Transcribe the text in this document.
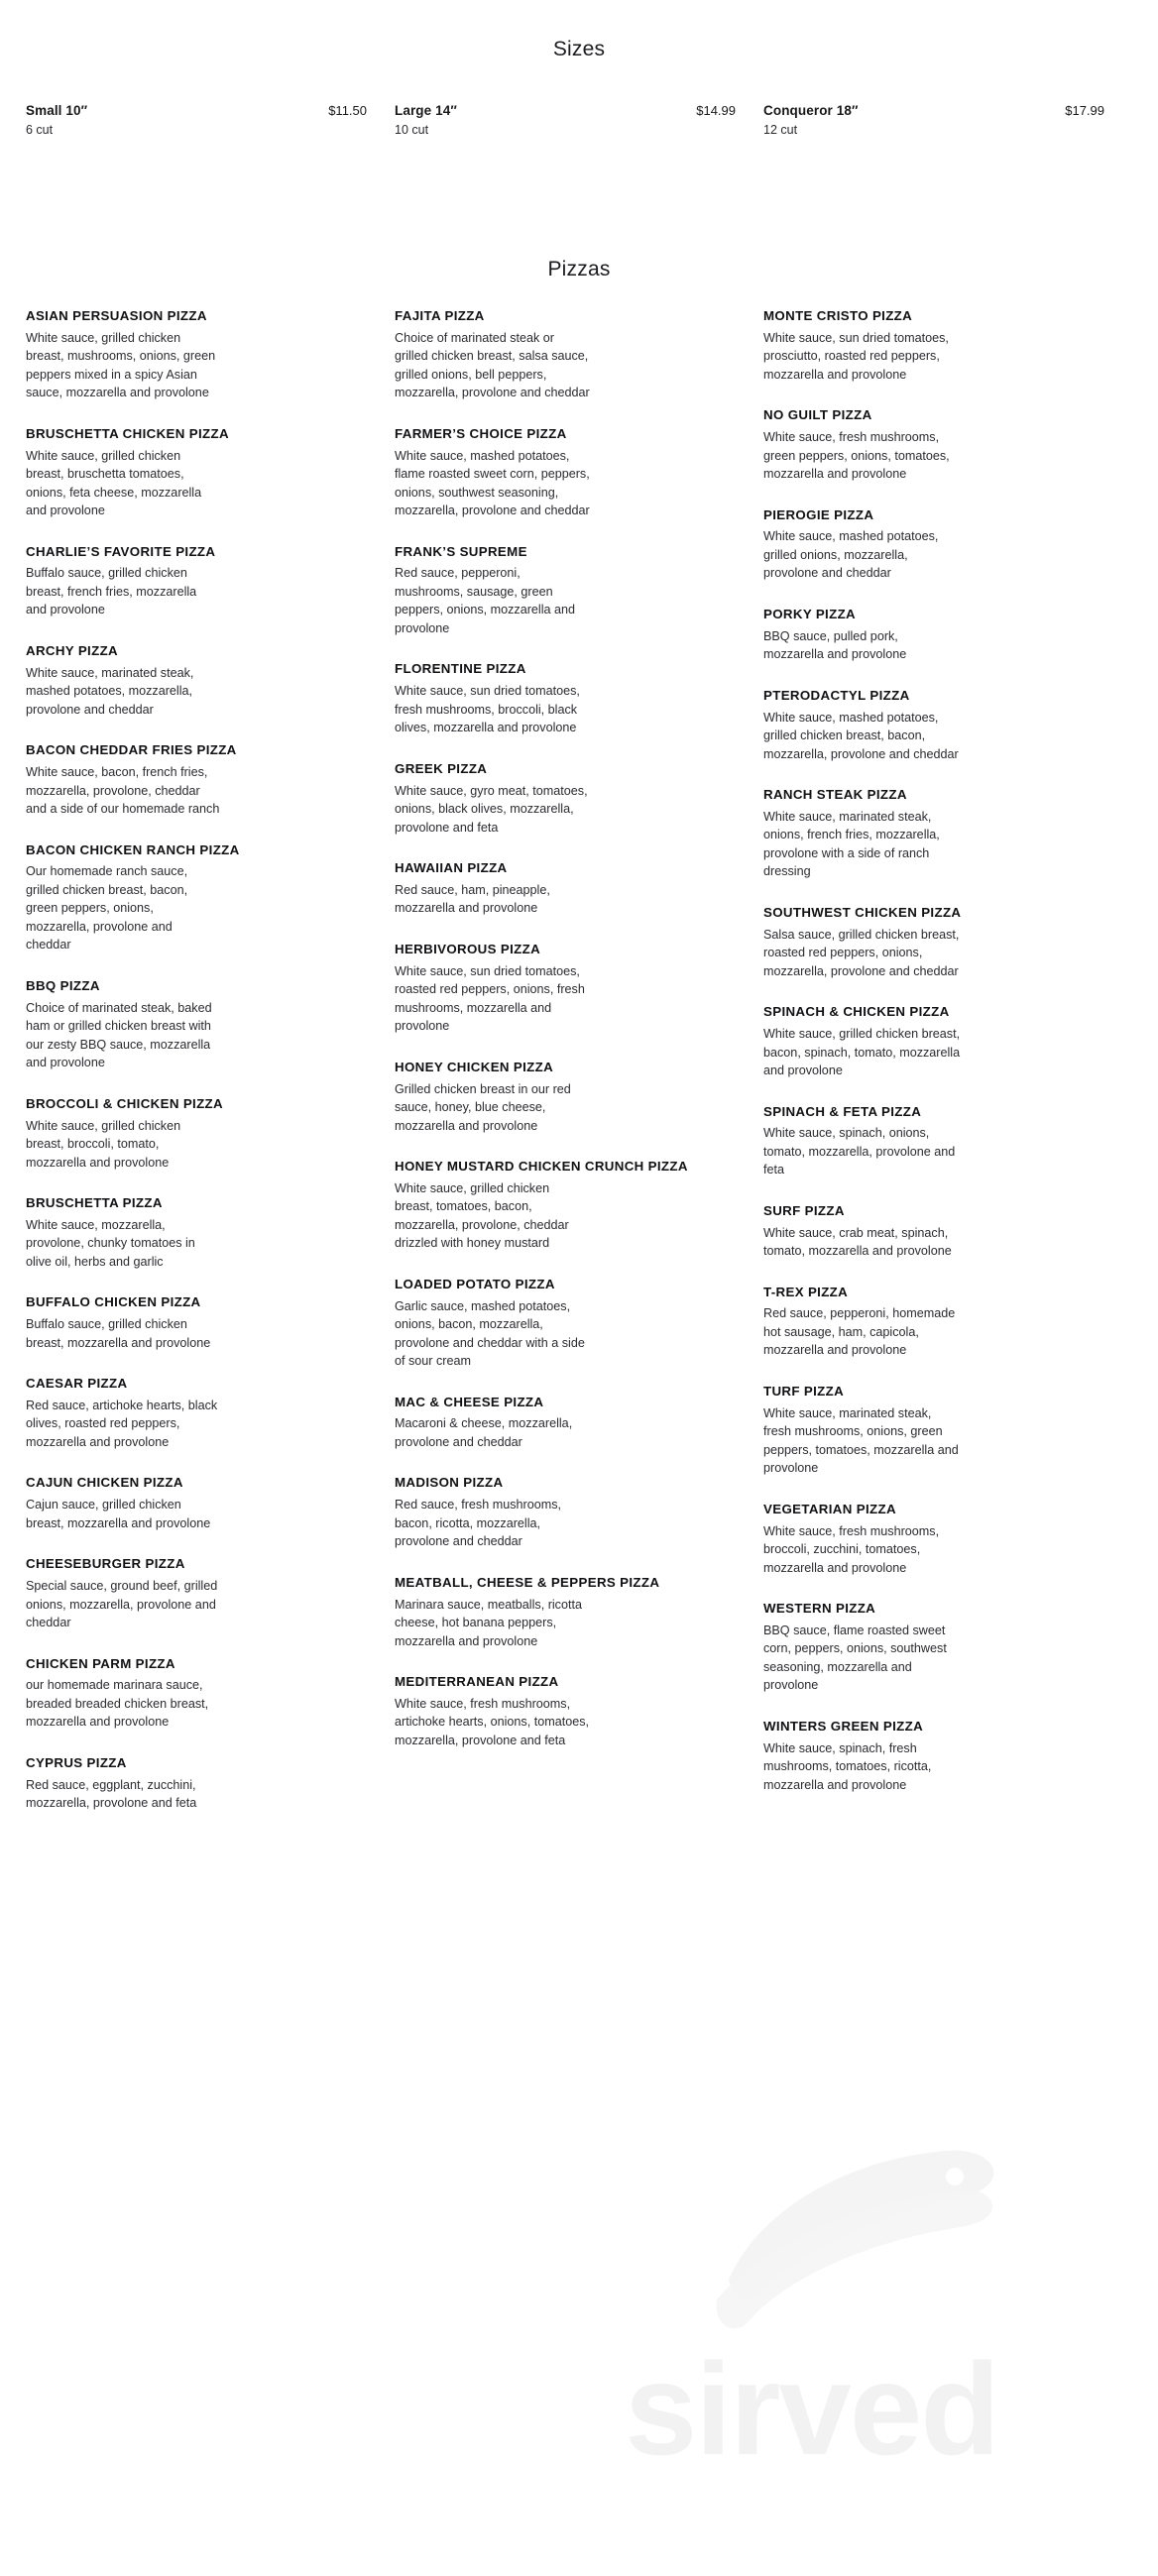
sirved
Sizes
Small 10″	$11.50
6 cut
Large 14″	$14.99
10 cut
Conqueror 18″	$17.99
12 cut
Pizzas
ASIAN PERSUASION PIZZA
White sauce, grilled chicken breast, mushrooms, onions, green peppers mixed in a spicy Asian sauce, mozzarella and provolone
BRUSCHETTA CHICKEN PIZZA
White sauce, grilled chicken breast, bruschetta tomatoes, onions, feta cheese, mozzarella and provolone
CHARLIE’S FAVORITE PIZZA
Buffalo sauce, grilled chicken breast, french fries, mozzarella and provolone
ARCHY PIZZA
White sauce, marinated steak, mashed potatoes, mozzarella, provolone and cheddar
BACON CHEDDAR FRIES PIZZA
White sauce, bacon, french fries, mozzarella, provolone, cheddar and a side of our homemade ranch
BACON CHICKEN RANCH PIZZA
Our homemade ranch sauce, grilled chicken breast, bacon, green peppers, onions, mozzarella, provolone and cheddar
BBQ PIZZA
Choice of marinated steak, baked ham or grilled chicken breast with our zesty BBQ sauce, mozzarella and provolone
BROCCOLI & CHICKEN PIZZA
White sauce, grilled chicken breast, broccoli, tomato, mozzarella and provolone
BRUSCHETTA PIZZA
White sauce, mozzarella, provolone, chunky tomatoes in olive oil, herbs and garlic
BUFFALO CHICKEN PIZZA
Buffalo sauce, grilled chicken breast, mozzarella and provolone
CAESAR PIZZA
Red sauce, artichoke hearts, black olives, roasted red peppers, mozzarella and provolone
CAJUN CHICKEN PIZZA
Cajun sauce, grilled chicken breast, mozzarella and provolone
CHEESEBURGER PIZZA
Special sauce, ground beef, grilled onions, mozzarella, provolone and cheddar
CHICKEN PARM PIZZA
our homemade marinara sauce, breaded breaded chicken breast, mozzarella and provolone
CYPRUS PIZZA
Red sauce, eggplant, zucchini, mozzarella, provolone and feta
FAJITA PIZZA
Choice of marinated steak or grilled chicken breast, salsa sauce, grilled onions, bell peppers, mozzarella, provolone and cheddar
FARMER’S CHOICE PIZZA
White sauce, mashed potatoes, flame roasted sweet corn, peppers, onions, southwest seasoning, mozzarella, provolone and cheddar
FRANK’S SUPREME
Red sauce, pepperoni, mushrooms, sausage, green peppers, onions, mozzarella and provolone
FLORENTINE PIZZA
White sauce, sun dried tomatoes, fresh mushrooms, broccoli, black olives, mozzarella and provolone
GREEK PIZZA
White sauce, gyro meat, tomatoes, onions, black olives, mozzarella, provolone and feta
HAWAIIAN PIZZA
Red sauce, ham, pineapple, mozzarella and provolone
HERBIVOROUS PIZZA
White sauce, sun dried tomatoes, roasted red peppers, onions, fresh mushrooms, mozzarella and provolone
HONEY CHICKEN PIZZA
Grilled chicken breast in our red sauce, honey, blue cheese, mozzarella and provolone
HONEY MUSTARD CHICKEN CRUNCH PIZZA
White sauce, grilled chicken breast, tomatoes, bacon, mozzarella, provolone, cheddar drizzled with honey mustard
LOADED POTATO PIZZA
Garlic sauce, mashed potatoes, onions, bacon, mozzarella, provolone and cheddar with a side of sour cream
MAC & CHEESE PIZZA
Macaroni & cheese, mozzarella, provolone and cheddar
MADISON PIZZA
Red sauce, fresh mushrooms, bacon, ricotta, mozzarella, provolone and cheddar
MEATBALL, CHEESE & PEPPERS PIZZA
Marinara sauce, meatballs, ricotta cheese, hot banana peppers, mozzarella and provolone
MEDITERRANEAN PIZZA
White sauce, fresh mushrooms, artichoke hearts, onions, tomatoes, mozzarella, provolone and feta
MONTE CRISTO PIZZA
White sauce, sun dried tomatoes, prosciutto, roasted red peppers, mozzarella and provolone
NO GUILT PIZZA
White sauce, fresh mushrooms, green peppers, onions, tomatoes, mozzarella and provolone
PIEROGIE PIZZA
White sauce, mashed potatoes, grilled onions, mozzarella, provolone and cheddar
PORKY PIZZA
BBQ sauce, pulled pork, mozzarella and provolone
PTERODACTYL PIZZA
White sauce, mashed potatoes, grilled chicken breast, bacon, mozzarella, provolone and cheddar
RANCH STEAK PIZZA
White sauce, marinated steak, onions, french fries, mozzarella, provolone with a side of ranch dressing
SOUTHWEST CHICKEN PIZZA
Salsa sauce, grilled chicken breast, roasted red peppers, onions, mozzarella, provolone and cheddar
SPINACH & CHICKEN PIZZA
White sauce, grilled chicken breast, bacon, spinach, tomato, mozzarella and provolone
SPINACH & FETA PIZZA
White sauce, spinach, onions, tomato, mozzarella, provolone and feta
SURF PIZZA
White sauce, crab meat, spinach, tomato, mozzarella and provolone
T-REX PIZZA
Red sauce, pepperoni, homemade hot sausage, ham, capicola, mozzarella and provolone
TURF PIZZA
White sauce, marinated steak, fresh mushrooms, onions, green peppers, tomatoes, mozzarella and provolone
VEGETARIAN PIZZA
White sauce, fresh mushrooms, broccoli, zucchini, tomatoes, mozzarella and provolone
WESTERN PIZZA
BBQ sauce, flame roasted sweet corn, peppers, onions, southwest seasoning, mozzarella and provolone
WINTERS GREEN PIZZA
White sauce, spinach, fresh mushrooms, tomatoes, ricotta, mozzarella and provolone
